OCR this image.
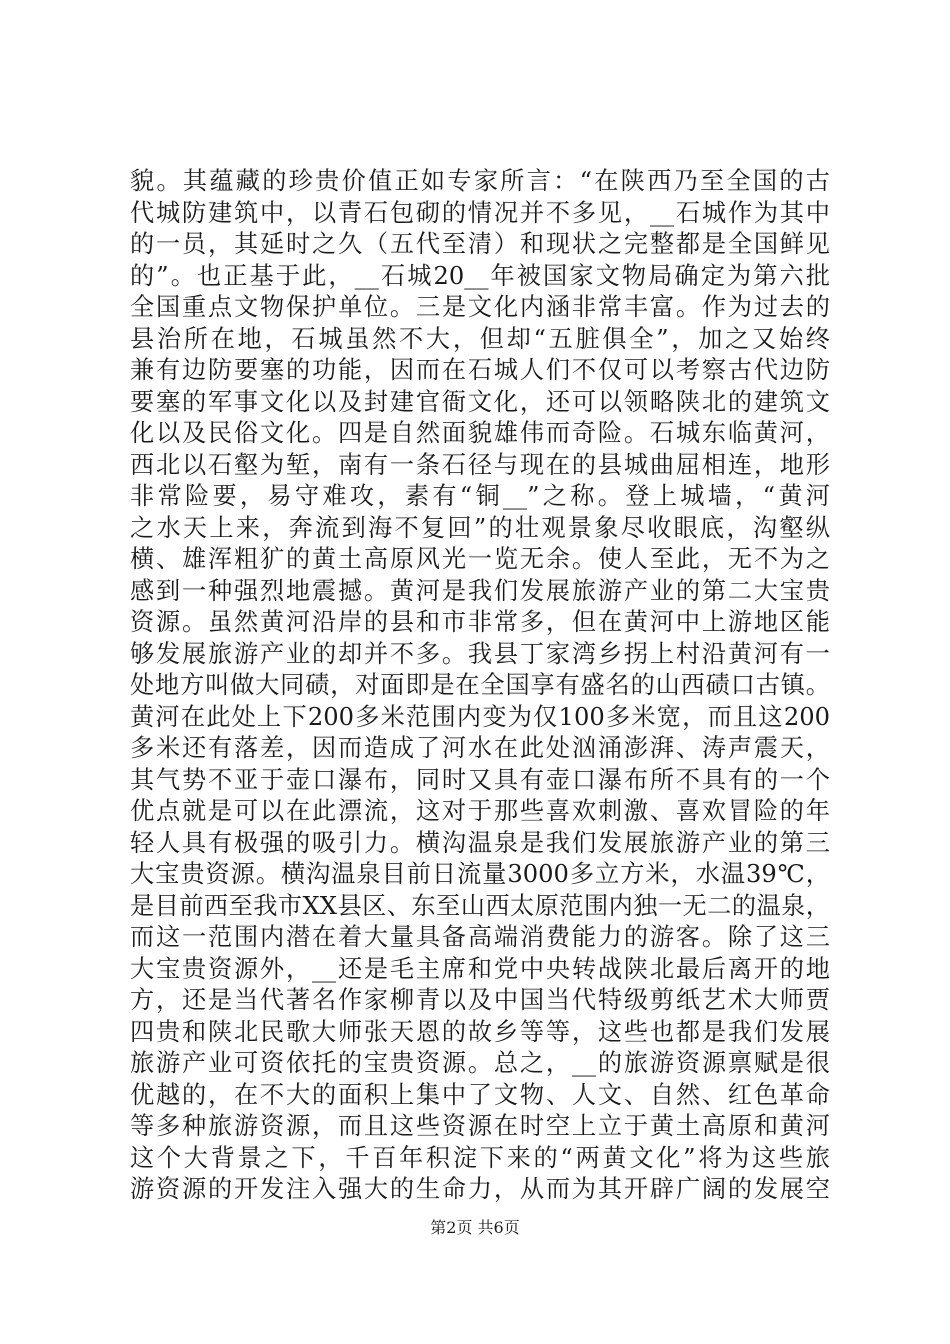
貌。其蕴藏的珍贵价值正如专家所言：“在陕西乃至全国的古
代城防建筑中，以青石包砌的情况并不多见，__石城作为其中
的一员，其延时之久（五代至清）和现状之完整都是全国鲜见
的”。也正基于此，__石城20__年被国家文物局确定为第六批
全国重点文物保护单位。三是文化内涵非常丰富。作为过去的
县治所在地，石城虽然不大，但却“五脏俱全”，加之又始终
兼有边防要塞的功能，因而在石城人们不仅可以考察古代边防
要塞的军事文化以及封建官衙文化，还可以领略陕北的建筑文
化以及民俗文化。四是自然面貌雄伟而奇险。石城东临黄河，
西北以石壑为堑，南有一条石径与现在的县城曲屈相连，地形
非常险要，易守难攻，素有“铜__”之称。登上城墙，“黄河
之水天上来，奔流到海不复回”的壮观景象尽收眼底，沟壑纵
横、雄浑粗犷的黄土高原风光一览无余。使人至此，无不为之
感到一种强烈地震撼。黄河是我们发展旅游产业的第二大宝贵
资源。虽然黄河沿岸的县和市非常多，但在黄河中上游地区能
够发展旅游产业的却并不多。我县丁家湾乡拐上村沿黄河有一
处地方叫做大同碛，对面即是在全国享有盛名的山西碛口古镇。
黄河在此处上下200多米范围内变为仅100多米宽，而且这200
多米还有落差，因而造成了河水在此处汹涌澎湃、涛声震天，
其气势不亚于壶口瀑布，同时又具有壶口瀑布所不具有的一个
优点就是可以在此漂流，这对于那些喜欢刺激、喜欢冒险的年
轻人具有极强的吸引力。横沟温泉是我们发展旅游产业的第三
大宝贵资源。横沟温泉目前日流量3000多立方米，水温39℃，
是目前西至我市XX县区、东至山西太原范围内独一无二的温泉，
而这一范围内潜在着大量具备高端消费能力的游客。除了这三
大宝贵资源外，__还是毛主席和党中央转战陕北最后离开的地
方，还是当代著名作家柳青以及中国当代特级剪纸艺术大师贾
四贵和陕北民歌大师张天恩的故乡等等，这些也都是我们发展
旅游产业可资依托的宝贵资源。总之，__的旅游资源禀赋是很
优越的，在不大的面积上集中了文物、人文、自然、红色革命
等多种旅游资源，而且这些资源在时空上立于黄土高原和黄河
这个大背景之下，千百年积淀下来的“两黄文化”将为这些旅
游资源的开发注入强大的生命力，从而为其开辟广阔的发展空
第2页 共6页
